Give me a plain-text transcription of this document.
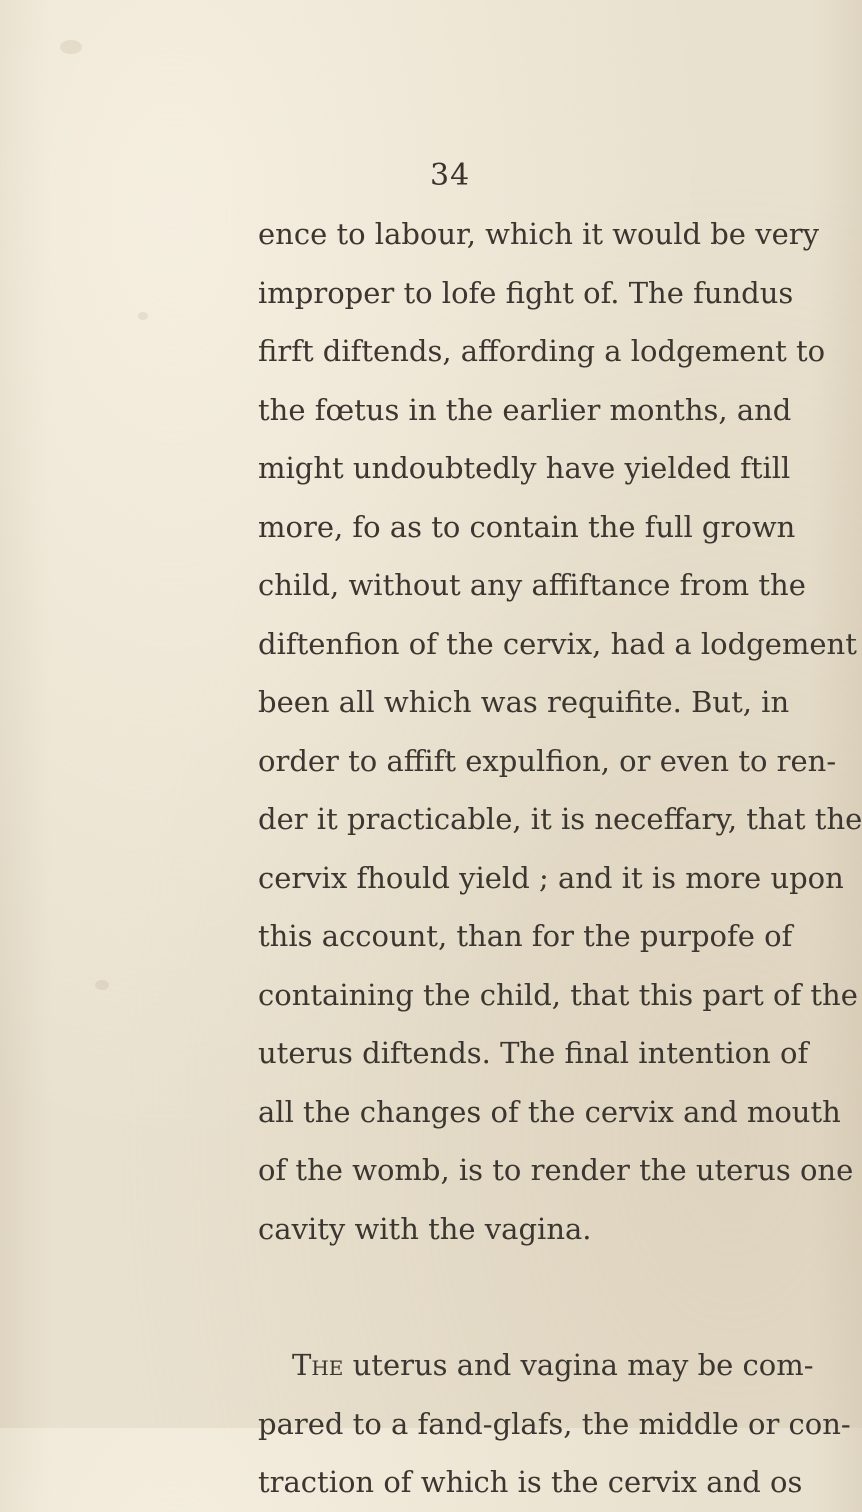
34
ence to labour, which it would be very
improper to lofe fight of. The fundus
firft diftends, affording a lodgement to
the fœtus in the earlier months, and
might undoubtedly have yielded ftill
more, fo as to contain the full grown
child, without any affiftance from the
diftenfion of the cervix, had a lodgement
been all which was requifite. But, in
order to affift expulfion, or even to ren-
der it practicable, it is neceffary, that the
cervix fhould yield ; and it is more upon
this account, than for the purpofe of
containing the child, that this part of the
uterus diftends. The final intention of
all the changes of the cervix and mouth
of the womb, is to render the uterus one
cavity with the vagina.
The uterus and vagina may be com-
pared to a fand-glafs, the middle or con-
traction of which is the cervix and os
